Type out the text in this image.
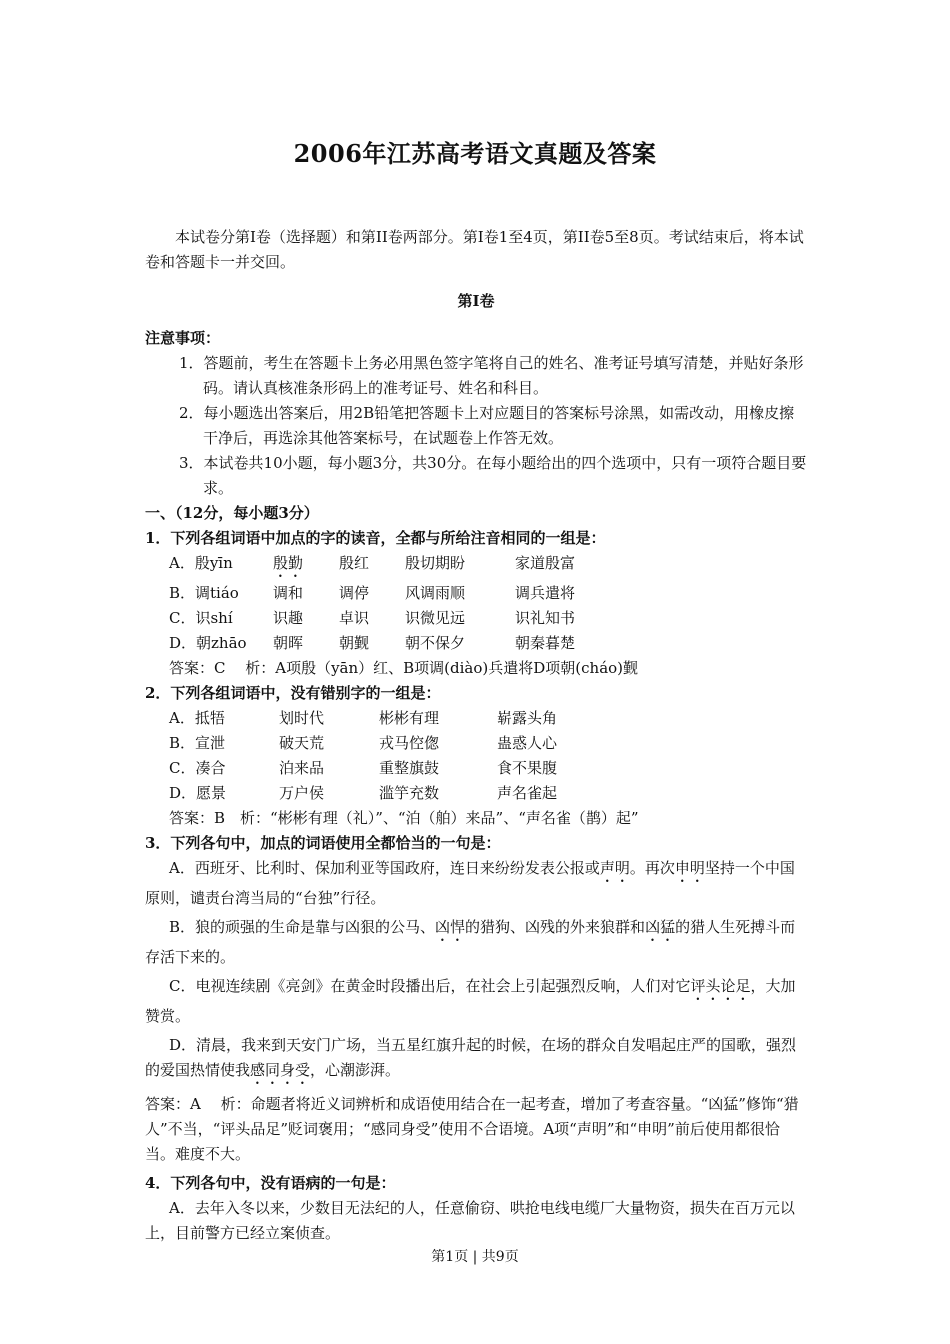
2006年江苏高考语文真题及答案

本试卷分第I卷（选择题）和第II卷两部分。第I卷1至4页，第II卷5至8页。考试结束后，将本试卷和答题卡一并交回。

第I卷

注意事项：

1．答题前，考生在答题卡上务必用黑色签字笔将自己的姓名、准考证号填写清楚，并贴好条形码。请认真核准条形码上的准考证号、姓名和科目。

2．每小题选出答案后，用2B铅笔把答题卡上对应题目的答案标号涂黑，如需改动，用橡皮擦干净后，再选涂其他答案标号，在试题卷上作答无效。

3．本试卷共10小题，每小题3分，共30分。在每小题给出的四个选项中，只有一项符合题目要求。

一、（12分，每小题3分）

1．下列各组词语中加点的字的读音，全都与所给注音相同的一组是：

A．殷yīn	殷勤	殷红	殷切期盼	家道殷富
B．调tiáo	调和	调停	风调雨顺	调兵遣将
C．识shí	识趣	卓识	识微见远	识礼知书
D．朝zhāo	朝晖	朝觐	朝不保夕	朝秦暮楚

答案：C　 析：A项殷（yān）红、B项调(diào)兵遣将D项朝(cháo)觐

2．下列各组词语中，没有错别字的一组是：

A．抵牾	划时代	彬彬有理	崭露头角
B．宣泄	破天荒	戎马倥偬	蛊惑人心
C．凑合	泊来品	重整旗鼓	食不果腹
D．愿景	万户侯	滥竽充数	声名雀起

答案：B　析：“彬彬有理（礼）”、“泊（舶）来品”、“声名雀（鹊）起”

3．下列各句中，加点的词语使用全都恰当的一句是：

A．西班牙、比利时、保加利亚等国政府，连日来纷纷发表公报或声明。再次申明坚持一个中国原则，谴责台湾当局的“台独”行径。

B．狼的顽强的生命是靠与凶狠的公马、凶悍的猎狗、凶残的外来狼群和凶猛的猎人生死搏斗而存活下来的。

C．电视连续剧《亮剑》在黄金时段播出后，在社会上引起强烈反响，人们对它评头论足，大加赞赏。

D．清晨，我来到天安门广场，当五星红旗升起的时候，在场的群众自发唱起庄严的国歌，强烈的爱国热情使我感同身受，心潮澎湃。

答案：A　 析：命题者将近义词辨析和成语使用结合在一起考查，增加了考查容量。“凶猛”修饰“猎人”不当，“评头品足”贬词褒用；“感同身受”使用不合语境。A项“声明”和“申明”前后使用都很恰当。难度不大。

4．下列各句中，没有语病的一句是：

A．去年入冬以来，少数目无法纪的人，任意偷窃、哄抢电线电缆厂大量物资，损失在百万元以上，目前警方已经立案侦查。

第1页 | 共9页
